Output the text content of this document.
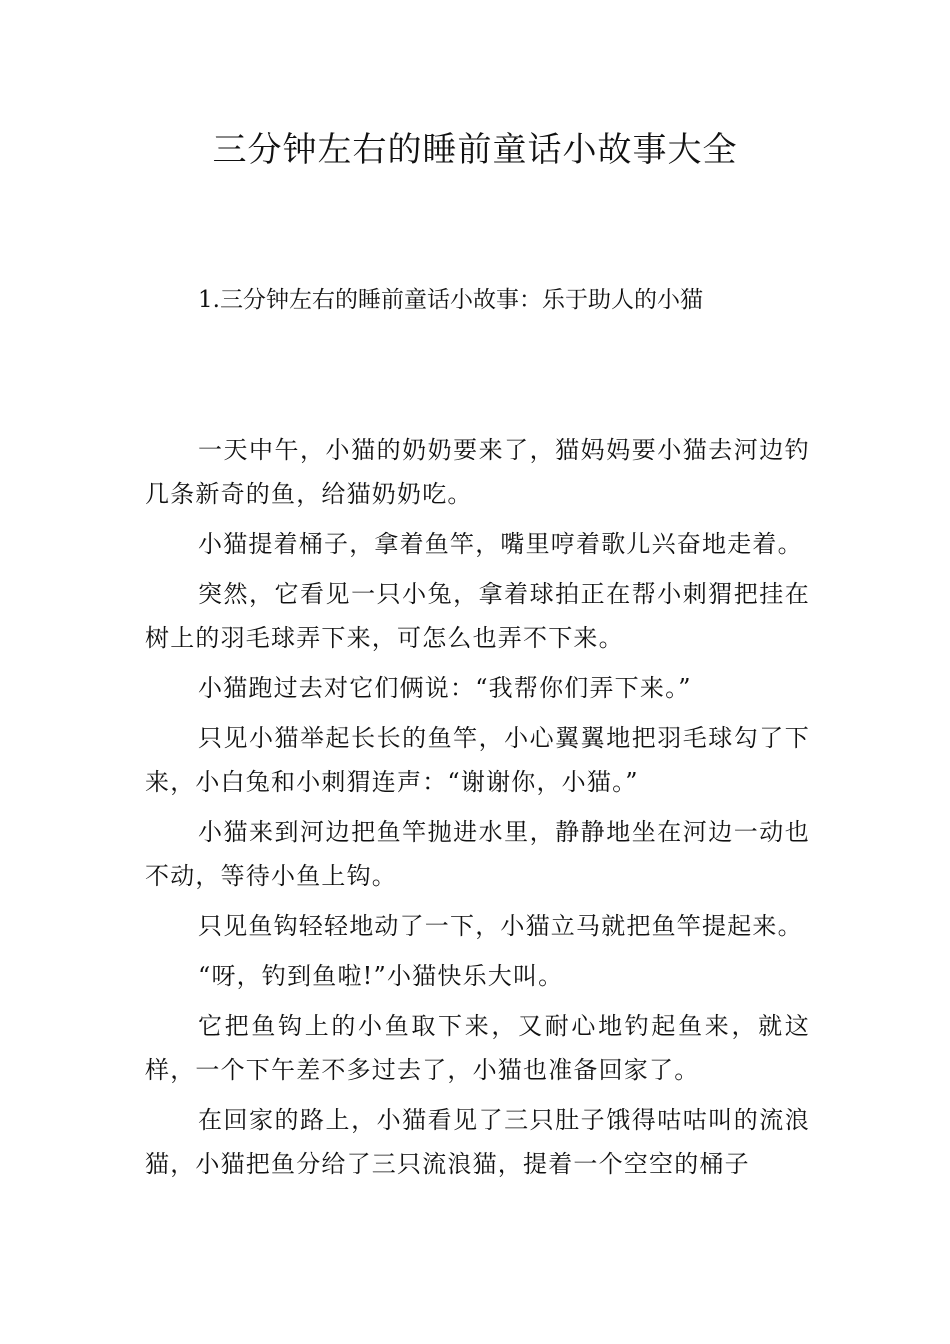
三分钟左右的睡前童话小故事大全
1.三分钟左右的睡前童话小故事：乐于助人的小猫

一天中午，小猫的奶奶要来了，猫妈妈要小猫去河边钓几条新奇的鱼，给猫奶奶吃。

小猫提着桶子，拿着鱼竿，嘴里哼着歌儿兴奋地走着。

突然，它看见一只小兔，拿着球拍正在帮小刺猬把挂在树上的羽毛球弄下来，可怎么也弄不下来。

小猫跑过去对它们俩说：“我帮你们弄下来。”

只见小猫举起长长的鱼竿，小心翼翼地把羽毛球勾了下来，小白兔和小刺猬连声：“谢谢你，小猫。”

小猫来到河边把鱼竿抛进水里，静静地坐在河边一动也不动，等待小鱼上钩。

只见鱼钩轻轻地动了一下，小猫立马就把鱼竿提起来。

“呀，钓到鱼啦!”小猫快乐大叫。

它把鱼钩上的小鱼取下来，又耐心地钓起鱼来，就这样，一个下午差不多过去了，小猫也准备回家了。

在回家的路上，小猫看见了三只肚子饿得咕咕叫的流浪猫，小猫把鱼分给了三只流浪猫，提着一个空空的桶子
